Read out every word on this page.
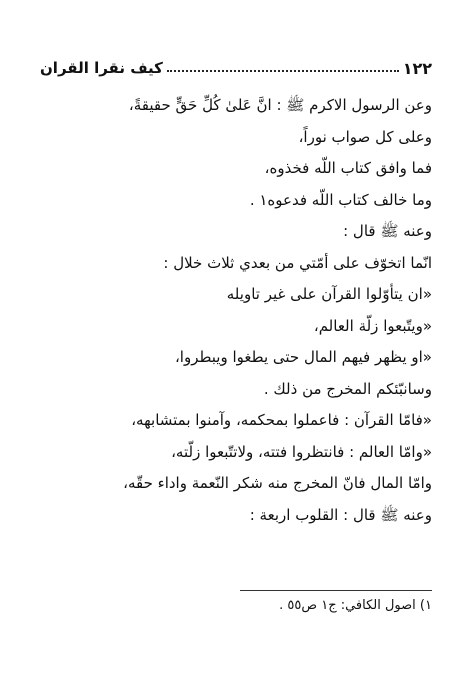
١٢٢
كيف نقرا القران
وعن الرسول الاكرم ﷺ : انَّ عَلىٰ كُلِّ حَقٍّ حقيقةً،
وعلى كل صواب نوراً،
فما وافق كتاب اللّه فخذوه،
وما خالف كتاب اللّه فدعوه١ .
وعنه ﷺ قال :
انّما اتخوّف على أمّتي من بعدي ثلاث خلال :
«ان يتأوّلوا القرآن على غير تاويله
«ويتّبعوا زلّة العالم،
«او يظهر فيهم المال حتى يطغوا ويبطروا،
وسانبّئكم المخرج من ذلك .
«فامّا القرآن : فاعملوا بمحكمه، وآمنوا بمتشابهه،
«وامّا العالم : فانتظروا فتته، ولاتتّبعوا زلّته،
وامّا المال فانّ المخرج منه شكر النّعمة واداء حقّه،
وعنه ﷺ قال : القلوب اربعة :
١) اصول الكافي: ج١ ص٥٥ .
